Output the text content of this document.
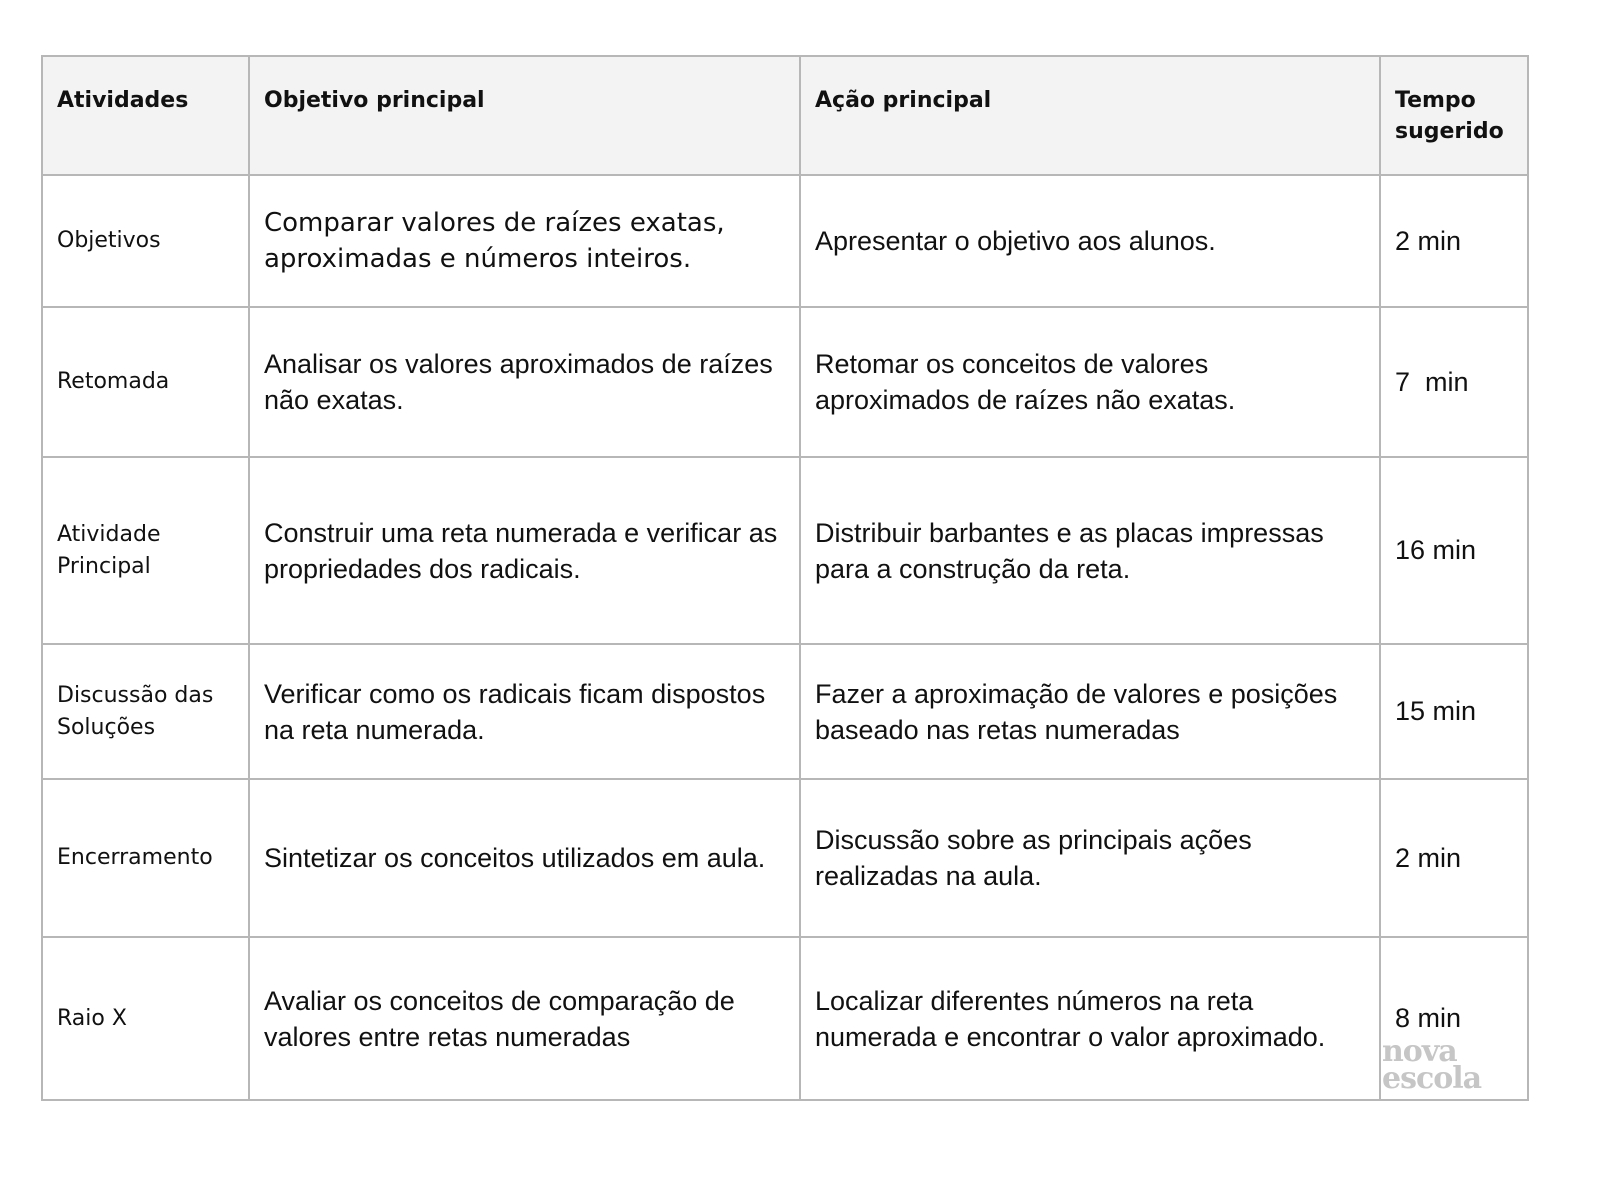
Atividades	Objetivo principal	Ação principal	Tempo sugerido
Objetivos	Comparar valores de raízes exatas, aproximadas e números inteiros.	Apresentar o objetivo aos alunos.	2 min
Retomada	Analisar os valores aproximados de raízes não exatas.	Retomar os conceitos de valores aproximados de raízes não exatas.	7  min
Atividade Principal	Construir uma reta numerada e verificar as propriedades dos radicais.	Distribuir barbantes e as placas impressas para a construção da reta.	16 min
Discussão das Soluções	Verificar como os radicais ficam dispostos na reta numerada.	Fazer a aproximação de valores e posições baseado nas retas numeradas	15 min
Encerramento	Sintetizar os conceitos utilizados em aula.	Discussão sobre as principais ações realizadas na aula.	2 min
Raio X	Avaliar os conceitos de comparação de valores entre retas numeradas	Localizar diferentes números na reta numerada e encontrar o valor aproximado.	8 min
nova
escola
